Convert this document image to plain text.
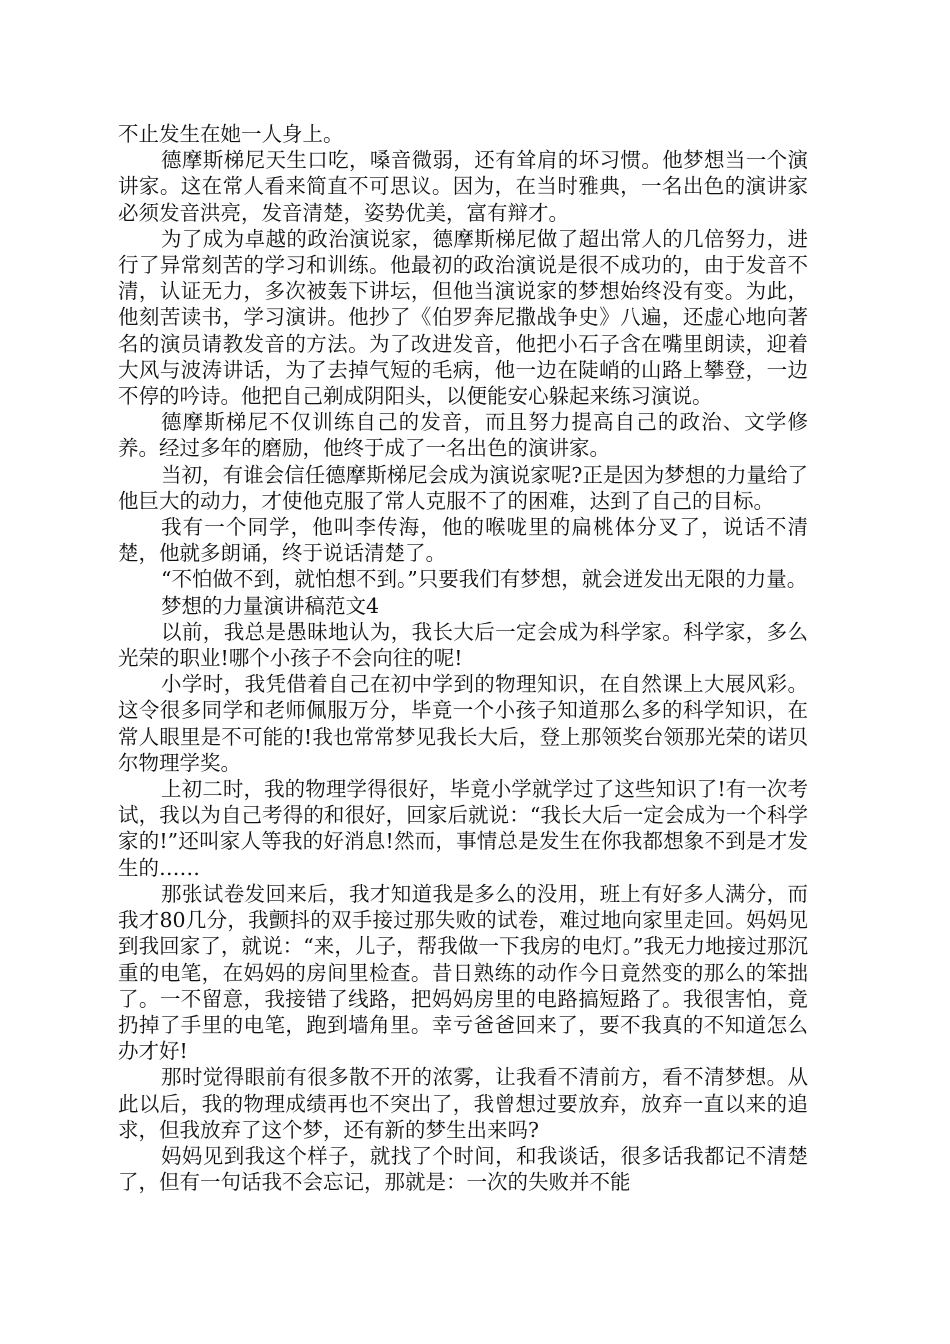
不止发生在她一人身上。

德摩斯梯尼天生口吃，嗓音微弱，还有耸肩的坏习惯。他梦想当一个演讲家。这在常人看来简直不可思议。因为，在当时雅典，一名出色的演讲家必须发音洪亮，发音清楚，姿势优美，富有辩才。

为了成为卓越的政治演说家，德摩斯梯尼做了超出常人的几倍努力，进行了异常刻苦的学习和训练。他最初的政治演说是很不成功的，由于发音不清，认证无力，多次被轰下讲坛，但他当演说家的梦想始终没有变。为此，他刻苦读书，学习演讲。他抄了《伯罗奔尼撒战争史》八遍，还虚心地向著名的演员请教发音的方法。为了改进发音，他把小石子含在嘴里朗读，迎着大风与波涛讲话，为了去掉气短的毛病，他一边在陡峭的山路上攀登，一边不停的吟诗。他把自己剃成阴阳头，以便能安心躲起来练习演说。

德摩斯梯尼不仅训练自己的发音，而且努力提高自己的政治、文学修养。经过多年的磨励，他终于成了一名出色的演讲家。

当初，有谁会信任德摩斯梯尼会成为演说家呢?正是因为梦想的力量给了他巨大的动力，才使他克服了常人克服不了的困难，达到了自己的目标。

我有一个同学，他叫李传海，他的喉咙里的扁桃体分叉了，说话不清楚，他就多朗诵，终于说话清楚了。

“不怕做不到，就怕想不到。”只要我们有梦想，就会迸发出无限的力量。

梦想的力量演讲稿范文4

以前，我总是愚昧地认为，我长大后一定会成为科学家。科学家，多么光荣的职业!哪个小孩子不会向往的呢!

小学时，我凭借着自己在初中学到的物理知识，在自然课上大展风彩。这令很多同学和老师佩服万分，毕竟一个小孩子知道那么多的科学知识，在常人眼里是不可能的!我也常常梦见我长大后，登上那领奖台领那光荣的诺贝尔物理学奖。

上初二时，我的物理学得很好，毕竟小学就学过了这些知识了!有一次考试，我以为自己考得的和很好，回家后就说：“我长大后一定会成为一个科学家的!”还叫家人等我的好消息!然而，事情总是发生在你我都想象不到是才发生的……

那张试卷发回来后，我才知道我是多么的没用，班上有好多人满分，而我才80几分，我颤抖的双手接过那失败的试卷，难过地向家里走回。妈妈见到我回家了，就说：“来，儿子，帮我做一下我房的电灯。”我无力地接过那沉重的电笔，在妈妈的房间里检查。昔日熟练的动作今日竟然变的那么的笨拙了。一不留意，我接错了线路，把妈妈房里的电路搞短路了。我很害怕，竟扔掉了手里的电笔，跑到墙角里。幸亏爸爸回来了，要不我真的不知道怎么办才好!

那时觉得眼前有很多散不开的浓雾，让我看不清前方，看不清梦想。从此以后，我的物理成绩再也不突出了，我曾想过要放弃，放弃一直以来的追求，但我放弃了这个梦，还有新的梦生出来吗?

妈妈见到我这个样子，就找了个时间，和我谈话，很多话我都记不清楚了，但有一句话我不会忘记，那就是：一次的失败并不能
